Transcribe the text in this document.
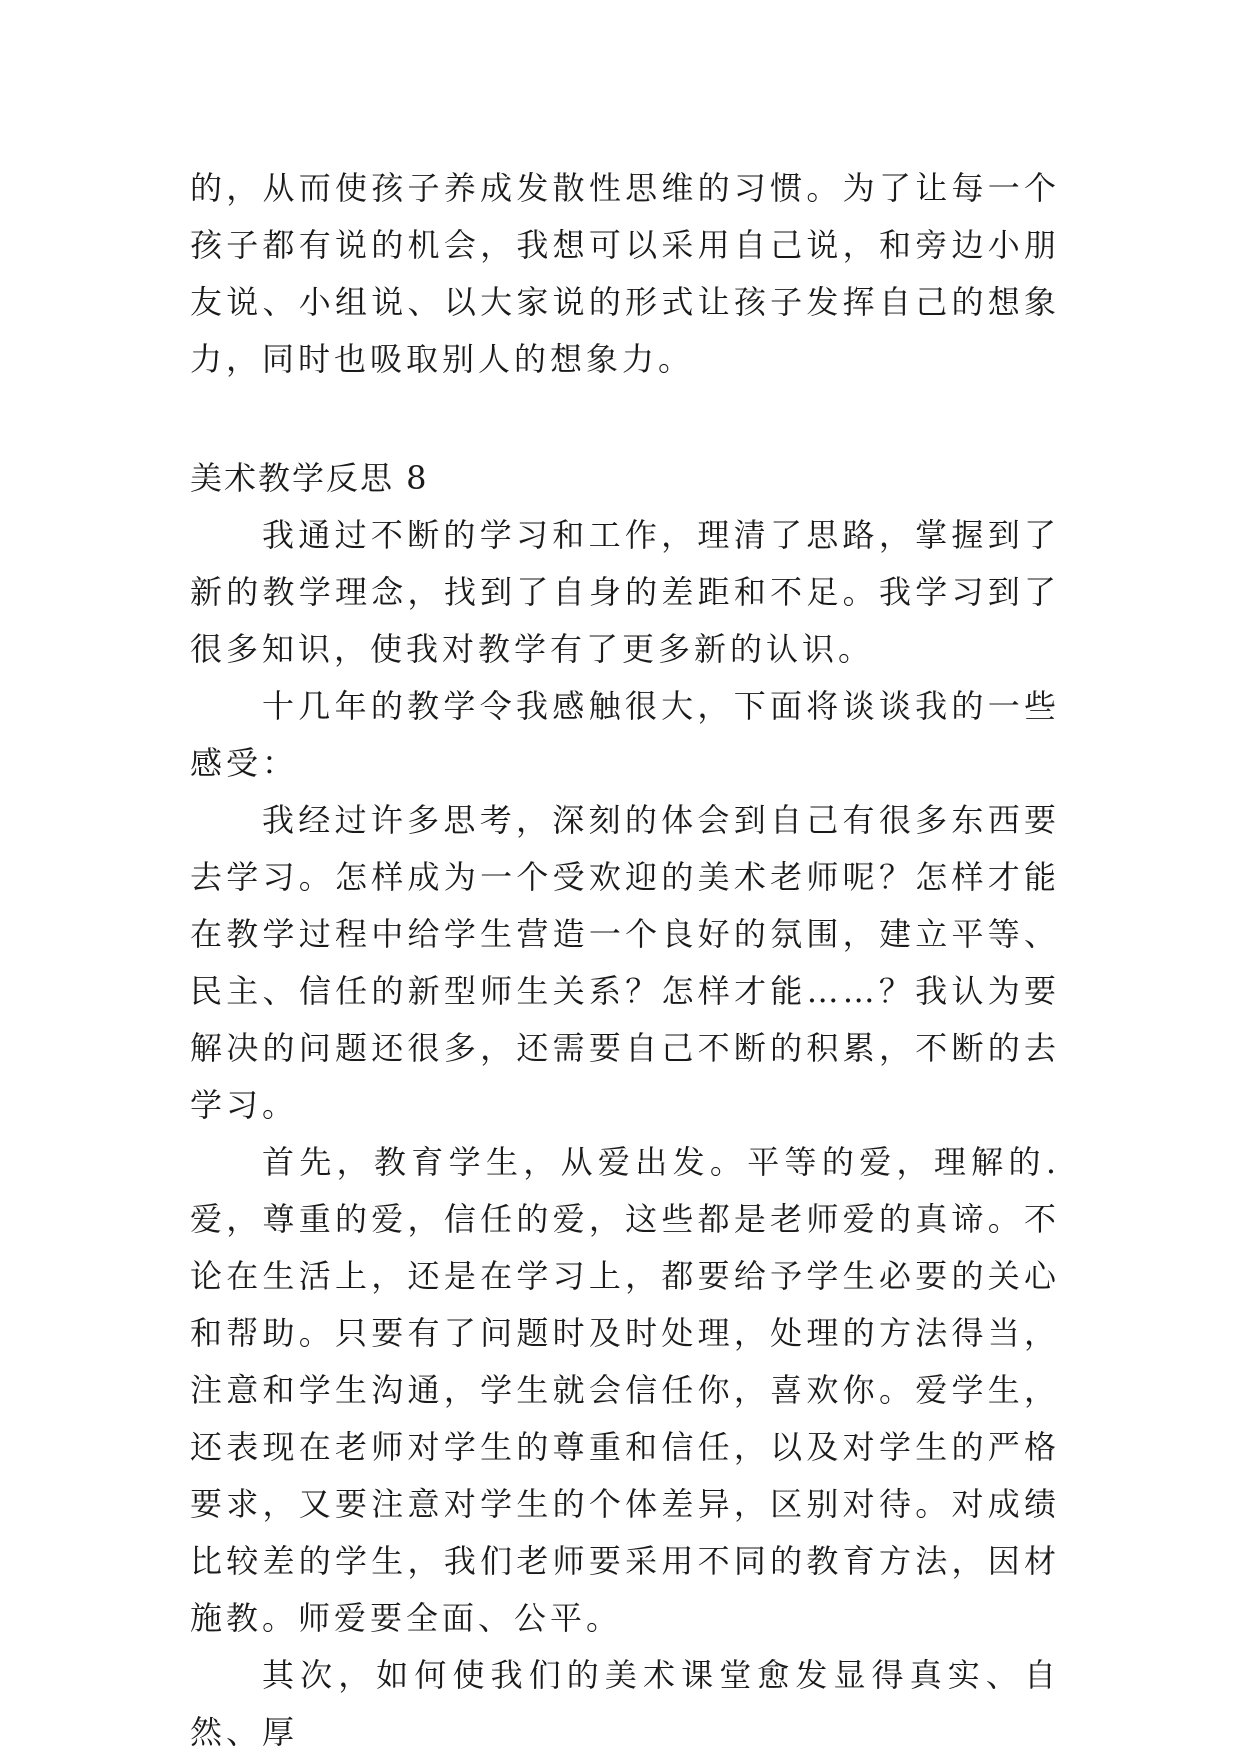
的，从而使孩子养成发散性思维的习惯。为了让每一个孩子都有说的机会，我想可以采用自己说，和旁边小朋友说、小组说、以大家说的形式让孩子发挥自己的想象力，同时也吸取别人的想象力。

美术教学反思 8

我通过不断的学习和工作，理清了思路，掌握到了新的教学理念，找到了自身的差距和不足。我学习到了很多知识，使我对教学有了更多新的认识。

十几年的教学令我感触很大，下面将谈谈我的一些感受：

我经过许多思考，深刻的体会到自己有很多东西要去学习。怎样成为一个受欢迎的美术老师呢？怎样才能在教学过程中给学生营造一个良好的氛围，建立平等、民主、信任的新型师生关系？怎样才能……？我认为要解决的问题还很多，还需要自己不断的积累，不断的去学习。

首先，教育学生，从爱出发。平等的爱，理解的.爱，尊重的爱，信任的爱，这些都是老师爱的真谛。不论在生活上，还是在学习上，都要给予学生必要的关心和帮助。只要有了问题时及时处理，处理的方法得当，注意和学生沟通，学生就会信任你，喜欢你。爱学生，还表现在老师对学生的尊重和信任，以及对学生的严格要求，又要注意对学生的个体差异，区别对待。对成绩比较差的学生，我们老师要采用不同的教育方法，因材施教。师爱要全面、公平。

其次，如何使我们的美术课堂愈发显得真实、自然、厚
